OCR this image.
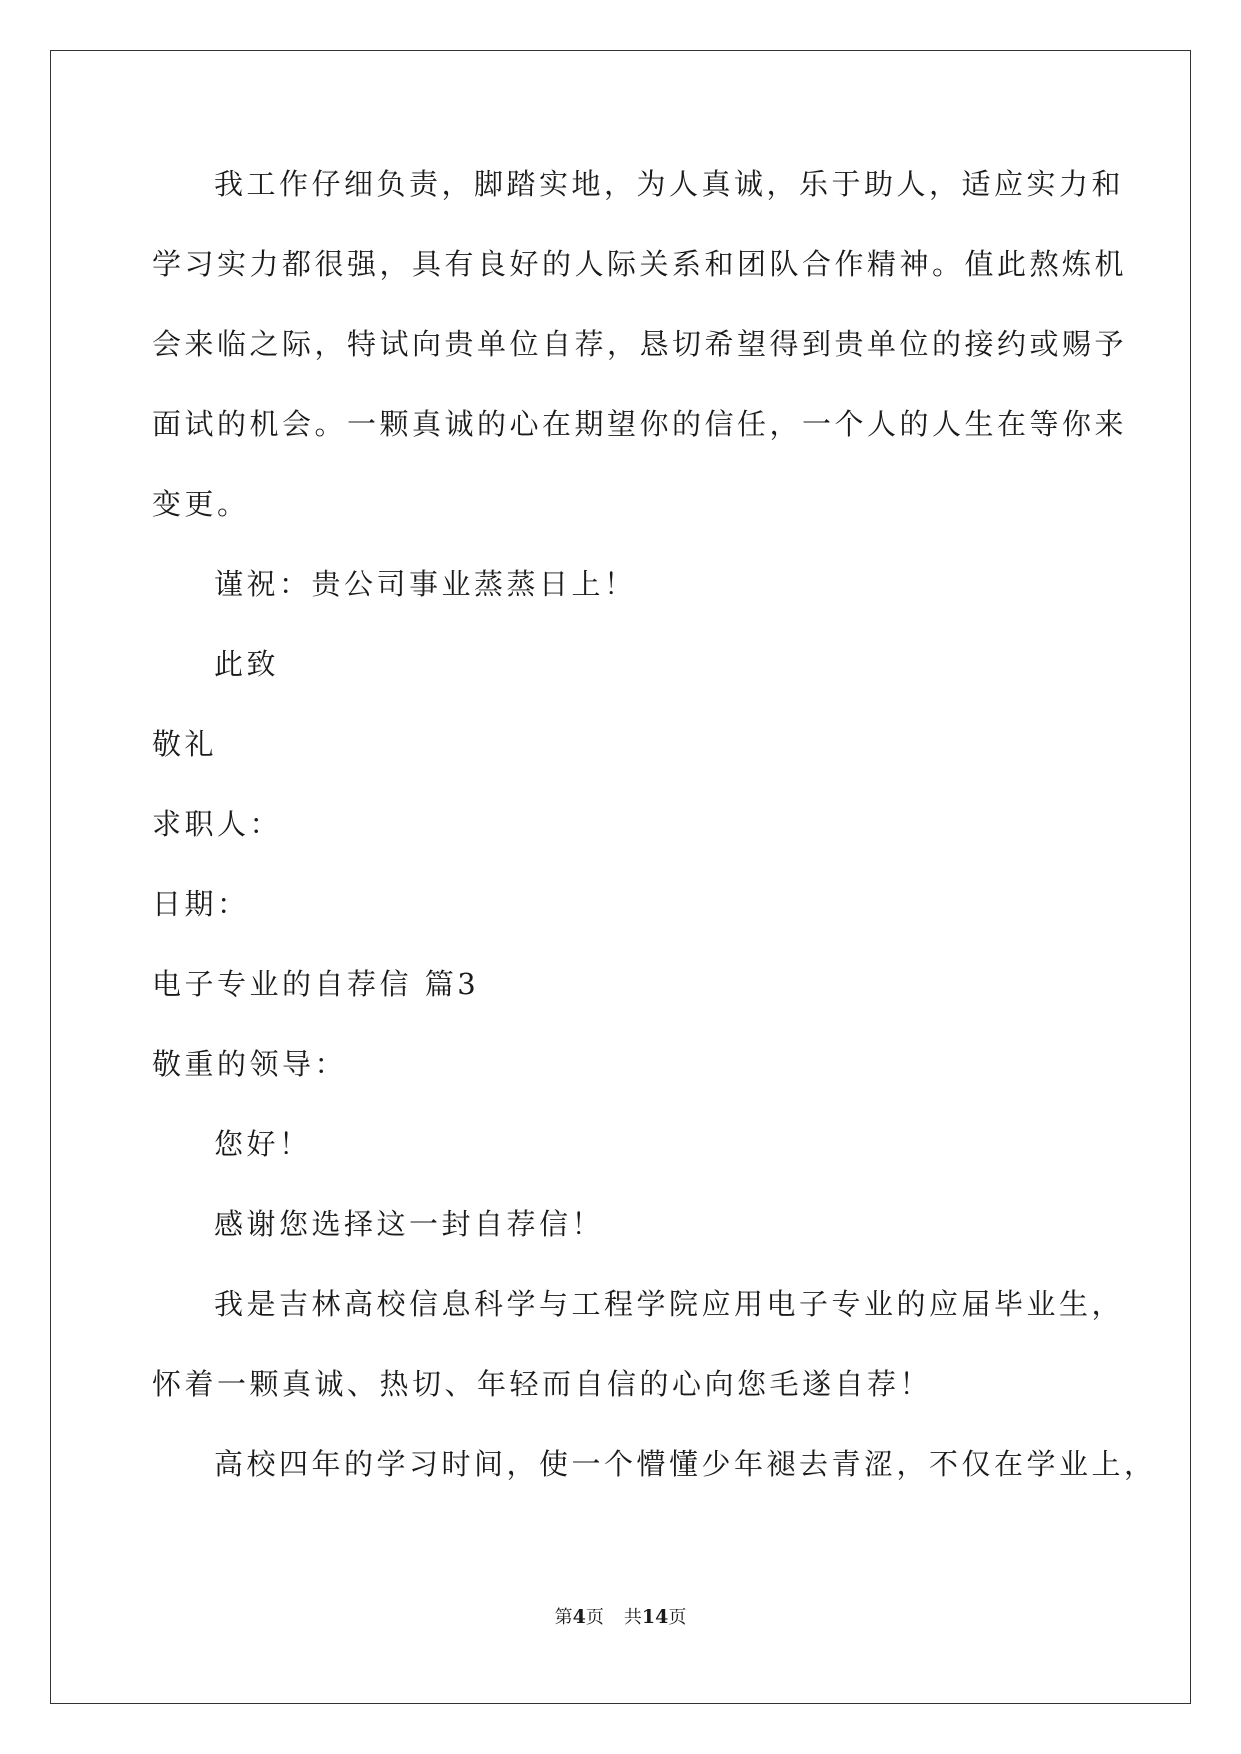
我工作仔细负责，脚踏实地，为人真诚，乐于助人，适应实力和
学习实力都很强，具有良好的人际关系和团队合作精神。值此熬炼机
会来临之际，特试向贵单位自荐，恳切希望得到贵单位的接约或赐予
面试的机会。一颗真诚的心在期望你的信任，一个人的人生在等你来
变更。
谨祝：贵公司事业蒸蒸日上！
此致
敬礼
求职人：
日期：
电子专业的自荐信 篇3
敬重的领导：
您好！
感谢您选择这一封自荐信！
我是吉林高校信息科学与工程学院应用电子专业的应届毕业生，
怀着一颗真诚、热切、年轻而自信的心向您毛遂自荐！
高校四年的学习时间，使一个懵懂少年褪去青涩，不仅在学业上，
第4页 共14页
